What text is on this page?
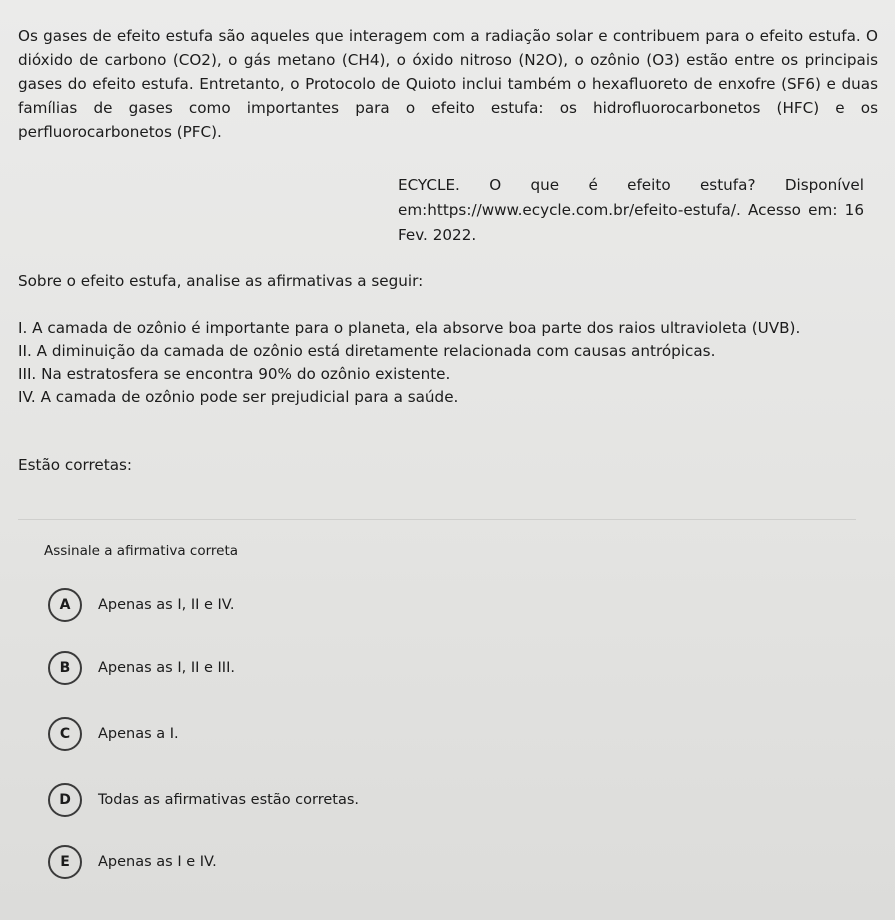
Os gases de efeito estufa são aqueles que interagem com a radiação solar e contribuem para o efeito estufa. O dióxido de carbono (CO2), o gás metano (CH4), o óxido nitroso (N2O), o ozônio (O3) estão entre os principais gases do efeito estufa. Entretanto, o Protocolo de Quioto inclui também o hexafluoreto de enxofre (SF6) e duas famílias de gases como importantes para o efeito estufa: os hidrofluorocarbonetos (HFC) e os perfluorocarbonetos (PFC).

ECYCLE. O que é efeito estufa? Disponível em:https://www.ecycle.com.br/efeito-estufa/. Acesso em: 16 Fev. 2022.

Sobre o efeito estufa, analise as afirmativas a seguir:

I. A camada de ozônio é importante para o planeta, ela absorve boa parte dos raios ultravioleta (UVB).
II. A diminuição da camada de ozônio está diretamente relacionada com causas antrópicas.
III. Na estratosfera se encontra 90% do ozônio existente.
IV. A camada de ozônio pode ser prejudicial para a saúde.

Estão corretas:

Assinale a afirmativa correta

A	Apenas as I, II e IV.
B	Apenas as I, II e III.
C	Apenas a I.
D	Todas as afirmativas estão corretas.
E	Apenas as I e IV.
